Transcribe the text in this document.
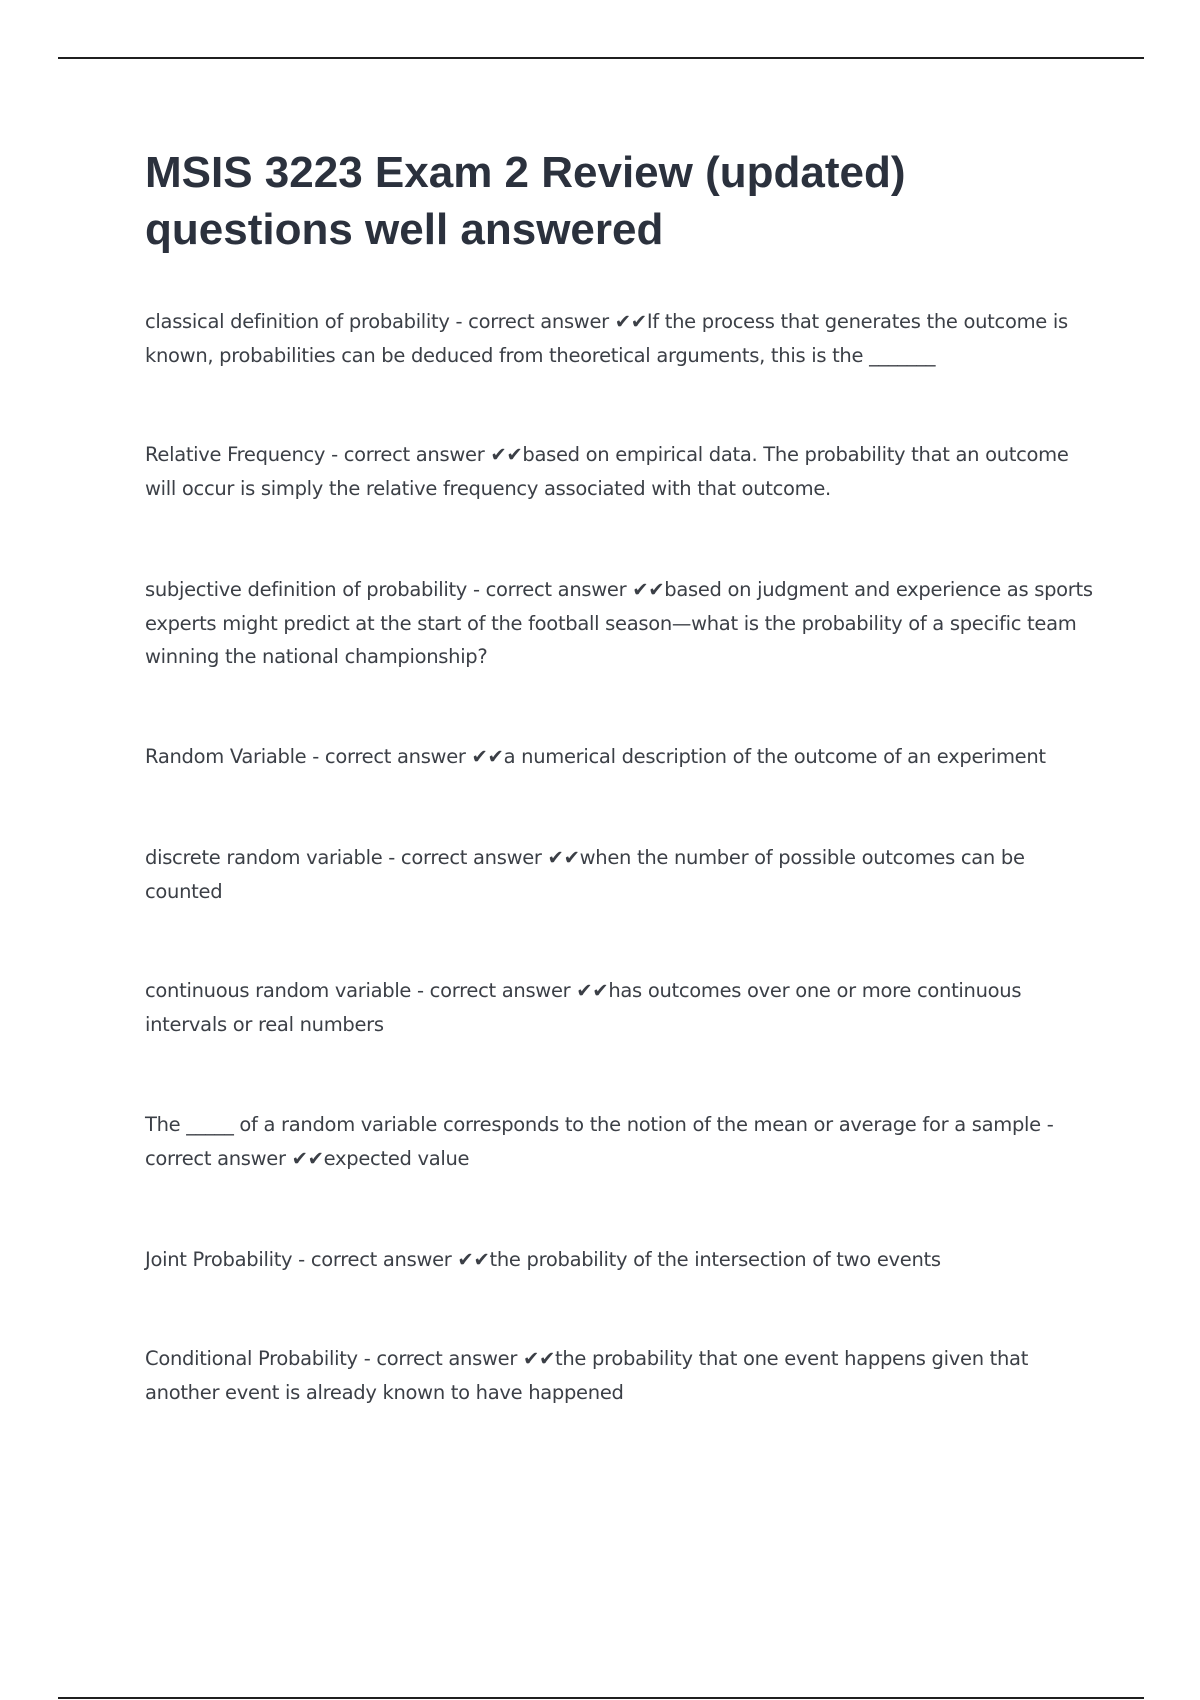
MSIS 3223 Exam 2 Review (updated) questions well answered

classical definition of probability - correct answer ✔✔If the process that generates the outcome is known, probabilities can be deduced from theoretical arguments, this is the _______

Relative Frequency - correct answer ✔✔based on empirical data. The probability that an outcome will occur is simply the relative frequency associated with that outcome.

subjective definition of probability - correct answer ✔✔based on judgment and experience as sports experts might predict at the start of the football season—what is the probability of a specific team winning the national championship?

Random Variable - correct answer ✔✔a numerical description of the outcome of an experiment

discrete random variable - correct answer ✔✔when the number of possible outcomes can be counted

continuous random variable - correct answer ✔✔has outcomes over one or more continuous intervals or real numbers

The _____ of a random variable corresponds to the notion of the mean or average for a sample - correct answer ✔✔expected value

Joint Probability - correct answer ✔✔the probability of the intersection of two events

Conditional Probability - correct answer ✔✔the probability that one event happens given that another event is already known to have happened
